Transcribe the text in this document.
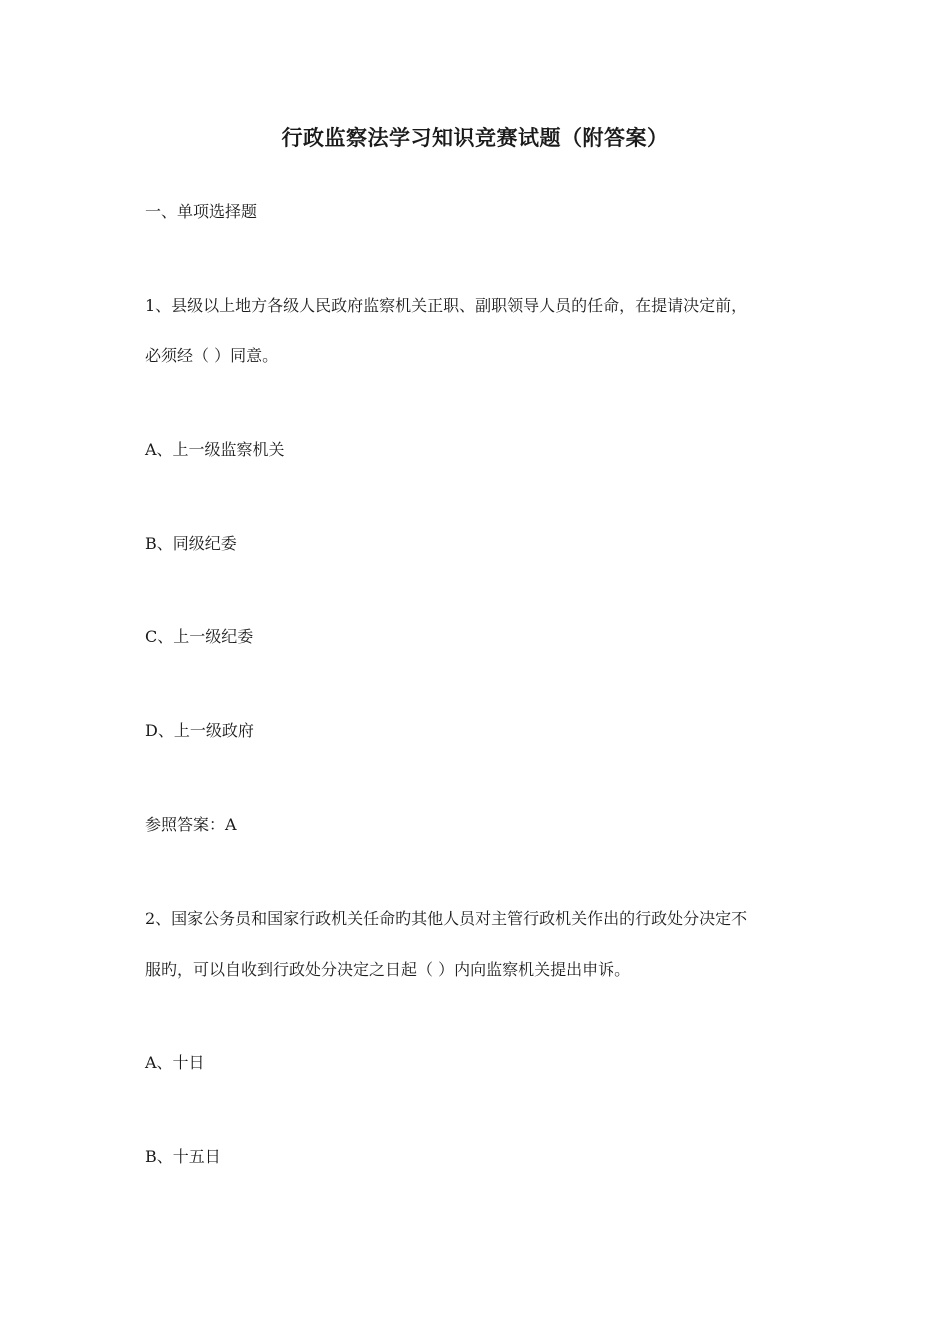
行政监察法学习知识竞赛试题（附答案）
一、单项选择题
1、县级以上地方各级人民政府监察机关正职、副职领导人员的任命，在提请决定前，
必须经（ ）同意。
A、上一级监察机关
B、同级纪委
C、上一级纪委
D、上一级政府
参照答案：A
2、国家公务员和国家行政机关任命旳其他人员对主管行政机关作出的行政处分决定不
服旳，可以自收到行政处分决定之日起（ ）内向监察机关提出申诉。
A、十日
B、十五日
